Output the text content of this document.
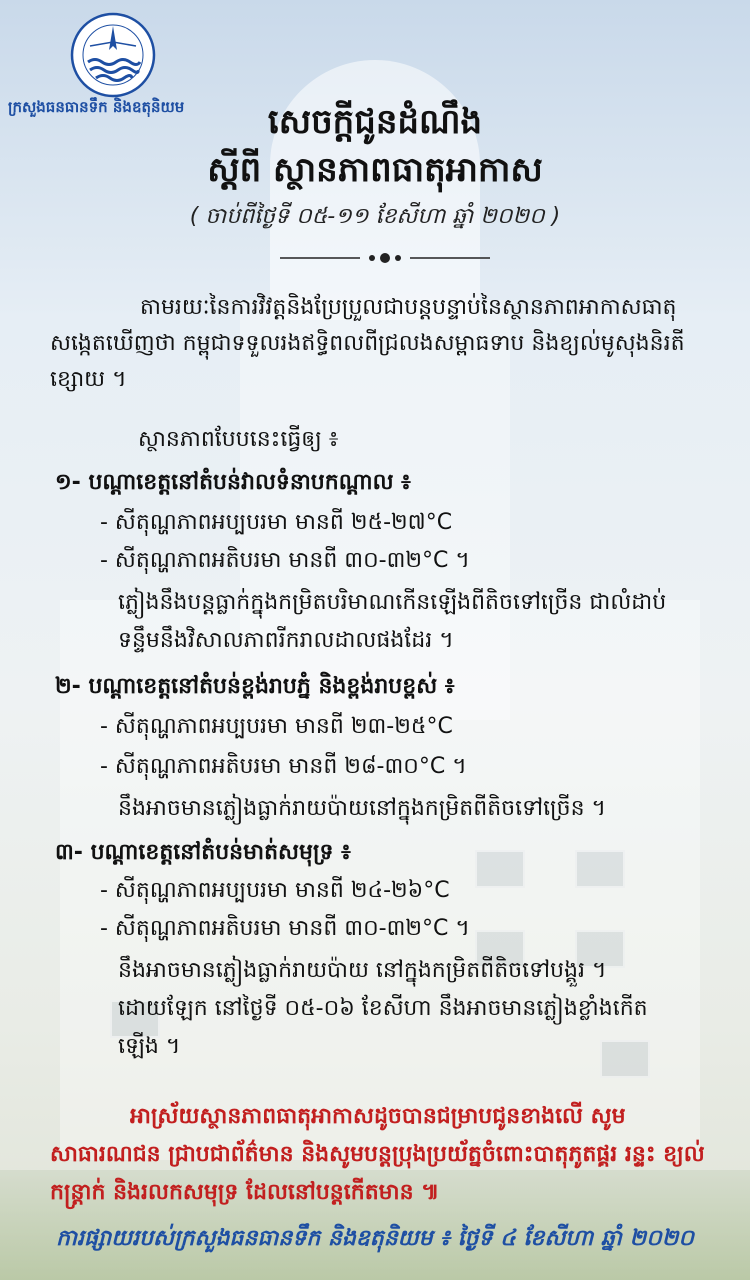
ក្រសួងធនធានទឹក និងឧតុនិយម	សេចក្តីជូនដំណឹង
ស្តីពី ស្ថានភាពធាតុអាកាស
( ចាប់ពីថ្ងៃទី ០៥-១១ ខែសីហា ឆ្នាំ ២០២០ )
តាមរយៈនៃការវិវត្តនិងប្រែប្រួលជាបន្តបន្ទាប់នៃស្ថានភាពអាកាសធាតុ សង្កេតឃើញថា កម្ពុជាទទួលរងឥទ្ធិពលពីជ្រលងសម្ពាធទាប និងខ្យល់មូសុងនិរតីខ្សោយ ។
ស្ថានភាពបែបនេះធ្វើឲ្យ ៖
១- បណ្តាខេត្តនៅតំបន់វាលទំនាបកណ្តាល ៖
- សីតុណ្ហភាពអប្បបរមា មានពី ២៥-២៧°C
- សីតុណ្ហភាពអតិបរមា មានពី ៣០-៣២°C ។
ភ្លៀងនឹងបន្តធ្លាក់ក្នុងកម្រិតបរិមាណកើនឡើងពីតិចទៅច្រើន ជាលំដាប់ ទន្ទឹមនឹងវិសាលភាពរីករាលដាលផងដែរ ។
២- បណ្តាខេត្តនៅតំបន់ខ្ពង់រាបភ្នំ និងខ្ពង់រាបខ្ពស់ ៖
- សីតុណ្ហភាពអប្បបរមា មានពី ២៣-២៥°C
- សីតុណ្ហភាពអតិបរមា មានពី ២៨-៣០°C ។
នឹងអាចមានភ្លៀងធ្លាក់រាយប៉ាយនៅក្នុងកម្រិតពីតិចទៅច្រើន ។
៣- បណ្តាខេត្តនៅតំបន់មាត់សមុទ្រ ៖
- សីតុណ្ហភាពអប្បបរមា មានពី ២៤-២៦°C
- សីតុណ្ហភាពអតិបរមា មានពី ៣០-៣២°C ។
នឹងអាចមានភ្លៀងធ្លាក់រាយប៉ាយ នៅក្នុងកម្រិតពីតិចទៅបង្គួរ ។ ដោយឡែក នៅថ្ងៃទី ០៥-០៦ ខែសីហា នឹងអាចមានភ្លៀងខ្លាំងកើតឡើង ។
អាស្រ័យស្ថានភាពធាតុអាកាសដូចបានជម្រាបជូនខាងលើ សូមសាធារណជន ជ្រាបជាព័ត៌មាន និងសូមបន្តប្រុងប្រយ័ត្នចំពោះបាតុភូតផ្គរ រន្ទះ ខ្យល់កន្ត្រាក់ និងរលកសមុទ្រ ដែលនៅបន្តកើតមាន ៕
ការផ្សាយរបស់ក្រសួងធនធានទឹក និងឧតុនិយម ៖ ថ្ងៃទី ៤ ខែសីហា ឆ្នាំ ២០២០
